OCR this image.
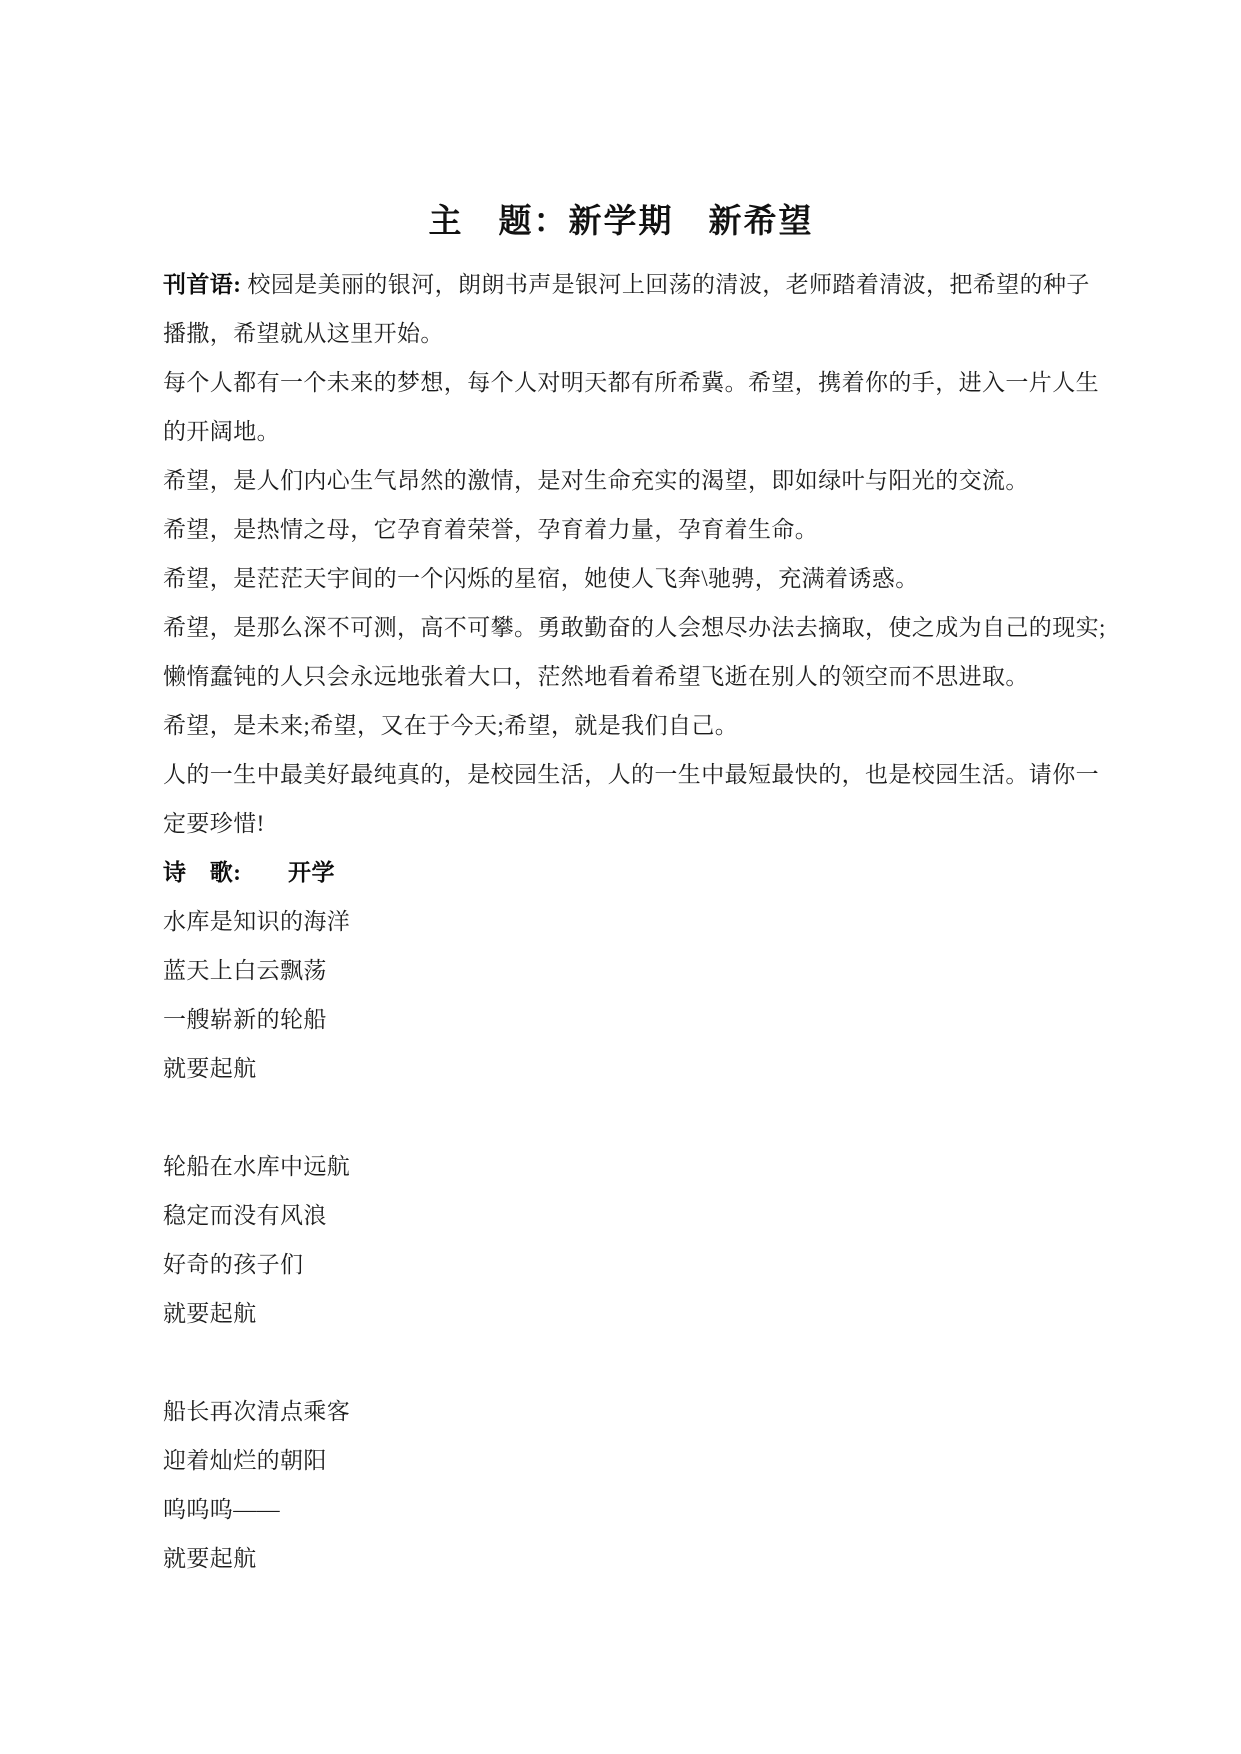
主　题：新学期　新希望
刊首语: 校园是美丽的银河，朗朗书声是银河上回荡的清波，老师踏着清波，把希望的种子
播撒，希望就从这里开始。
每个人都有一个未来的梦想，每个人对明天都有所希冀。希望，携着你的手，进入一片人生
的开阔地。
希望，是人们内心生气昂然的激情，是对生命充实的渴望，即如绿叶与阳光的交流。
希望，是热情之母，它孕育着荣誉，孕育着力量，孕育着生命。
希望，是茫茫天宇间的一个闪烁的星宿，她使人飞奔\驰骋，充满着诱惑。
希望，是那么深不可测，高不可攀。勇敢勤奋的人会想尽办法去摘取，使之成为自己的现实;
懒惰蠢钝的人只会永远地张着大口，茫然地看着希望飞逝在别人的领空而不思进取。
希望，是未来;希望，又在于今天;希望，就是我们自己。
人的一生中最美好最纯真的，是校园生活，人的一生中最短最快的，也是校园生活。请你一
定要珍惜!
诗　歌:　　开学
水库是知识的海洋
蓝天上白云飘荡
一艘崭新的轮船
就要起航
轮船在水库中远航
稳定而没有风浪
好奇的孩子们
就要起航
船长再次清点乘客
迎着灿烂的朝阳
呜呜呜——
就要起航
